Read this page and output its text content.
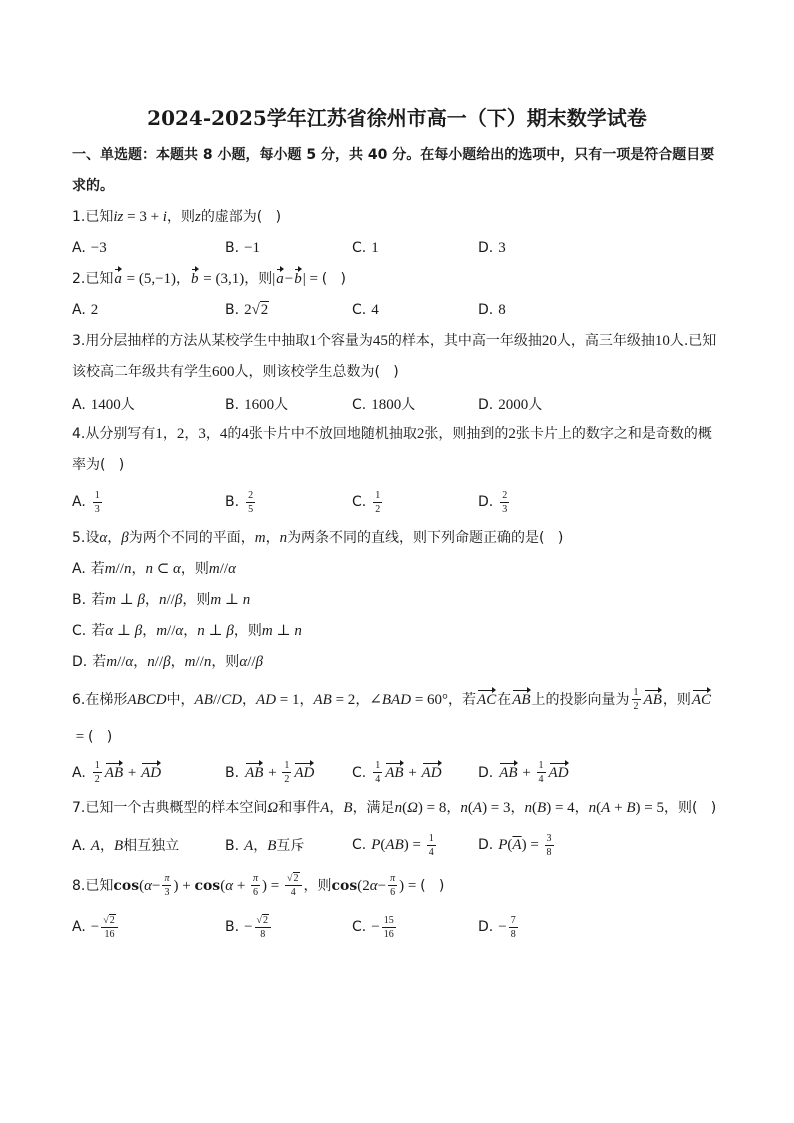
2024-2025学年江苏省徐州市高一（下）期末数学试卷
一、单选题：本题共 8 小题，每小题 5 分，共 40 分。在每小题给出的选项中，只有一项是符合题目要求的。
1.已知iz = 3 + i，则z的虚部为(   )
A. −3	B. −1	C. 1	D. 3
2.已知a = (5,−1)，b = (3,1)，则|a−b| = (   )
A. 2	B. 2 √ 2	C. 4	D. 8
3.用分层抽样的方法从某校学生中抽取1个容量为45的样本，其中高一年级抽20人，高三年级抽10人.已知该校高二年级共有学生600人，则该校学生总数为(   )
A. 1400人	B. 1600人	C. 1800人	D. 2000人
4.从分别写有1，2，3，4的4张卡片中不放回地随机抽取2张，则抽到的2张卡片上的数字之和是奇数的概率为(   )
A. $\frac{1}{3}$	B. $\frac{2}{5}$	C. $\frac{1}{2}$	D. $\frac{2}{3}$
5.设α，β为两个不同的平面，m，n为两条不同的直线，则下列命题正确的是(   )
A. 若m//n，n ⊂ α，则m//α
B. 若m ⊥ β，n//β，则m ⊥ n
C. 若α ⊥ β，m//α，n ⊥ β，则m ⊥ n
D. 若m//α，n//β，m//n，则α//β
6.在梯形ABCD中，AB//CD，AD = 1，AB = 2，∠BAD = 60°，若AC在AB上的投影向量为 $\frac{1}{2}$ AB，则AC = (   )
A. $\frac{1}{2}$ AB + AD	B. AB + $\frac{1}{2}$ AD	C. $\frac{1}{4}$ AB + AD	D. AB + $\frac{1}{4}$ AD
7.已知一个古典概型的样本空间Ω和事件A，B，满足n(Ω) = 8，n(A) = 3，n(B) = 4，n(A + B) = 5，则(   )
A. A，B相互独立	B. A，B互斥	C. $P(AB) = \frac{1}{4}$	D. $P(\overline{A}) = \frac{3}{8}$
8.已知$\cos(\alpha- \frac{\pi}{3}$ ) + $\cos(\alpha + \frac{\pi}{6}$ ) = √ $\frac{2}{4}$ ，则$\cos(2\alpha- \frac{\pi}{6}$ ) = (   )
A. − √ $\frac{2}{16}$	B. − √ $\frac{2}{8}$	C. − $\frac{15}{16}$	D. − $\frac{7}{8}$
